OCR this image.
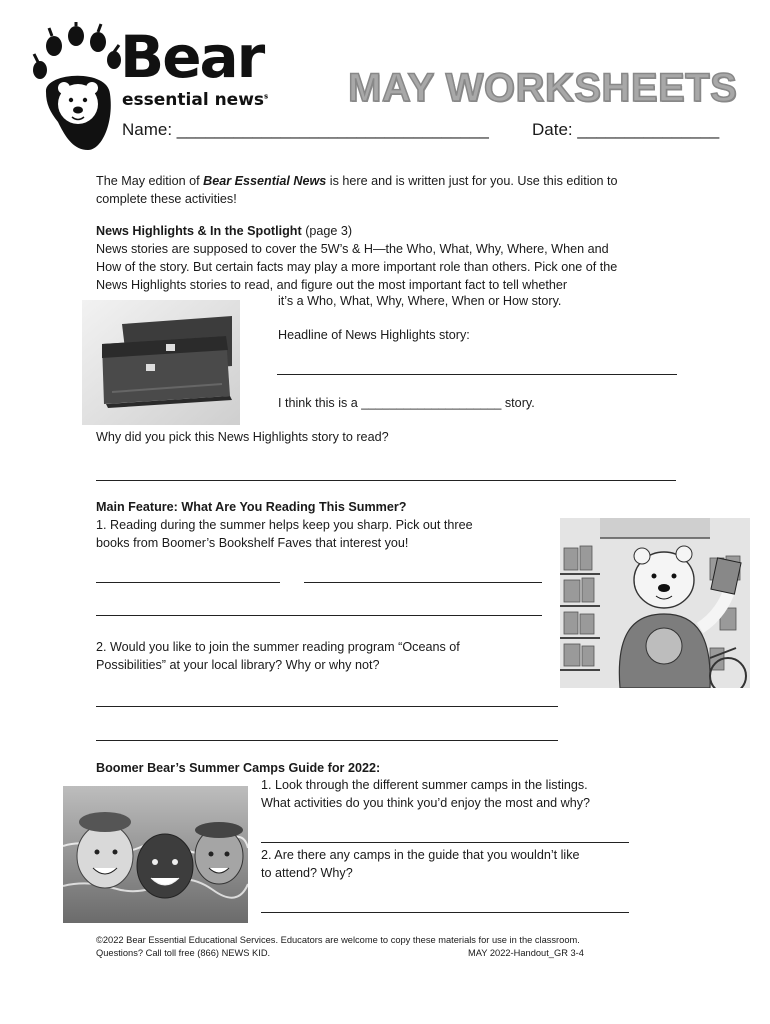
Bear
essential news$^s$ MAY WORKSHEETS
Name: _________________________________	Date: _______________
The May edition of Bear Essential News is here and is written just for you. Use this edition to
complete these activities!
News Highlights & In the Spotlight (page 3)
News stories are supposed to cover the 5W’s & H—the Who, What, Why, Where, When and
How of the story. But certain facts may play a more important role than others. Pick one of the
News Highlights stories to read, and figure out the most important fact to tell whether
it’s a Who, What, Why, Where, When or How story.
Headline of News Highlights story:
I think this is a ____________________ story.
Why did you pick this News Highlights story to read?
Main Feature: What Are You Reading This Summer?
1. Reading during the summer helps keep you sharp. Pick out three
books from Boomer’s Bookshelf Faves that interest you!
2. Would you like to join the summer reading program “Oceans of
Possibilities” at your local library? Why or why not?
Boomer Bear’s Summer Camps Guide for 2022:
1. Look through the different summer camps in the listings.
What activities do you think you’d enjoy the most and why?
2. Are there any camps in the guide that you wouldn’t like
to attend? Why?
©2022 Bear Essential Educational Services. Educators are welcome to copy these materials for use in the classroom.
Questions? Call toll free (866) NEWS KID.	MAY 2022-Handout_GR 3-4
